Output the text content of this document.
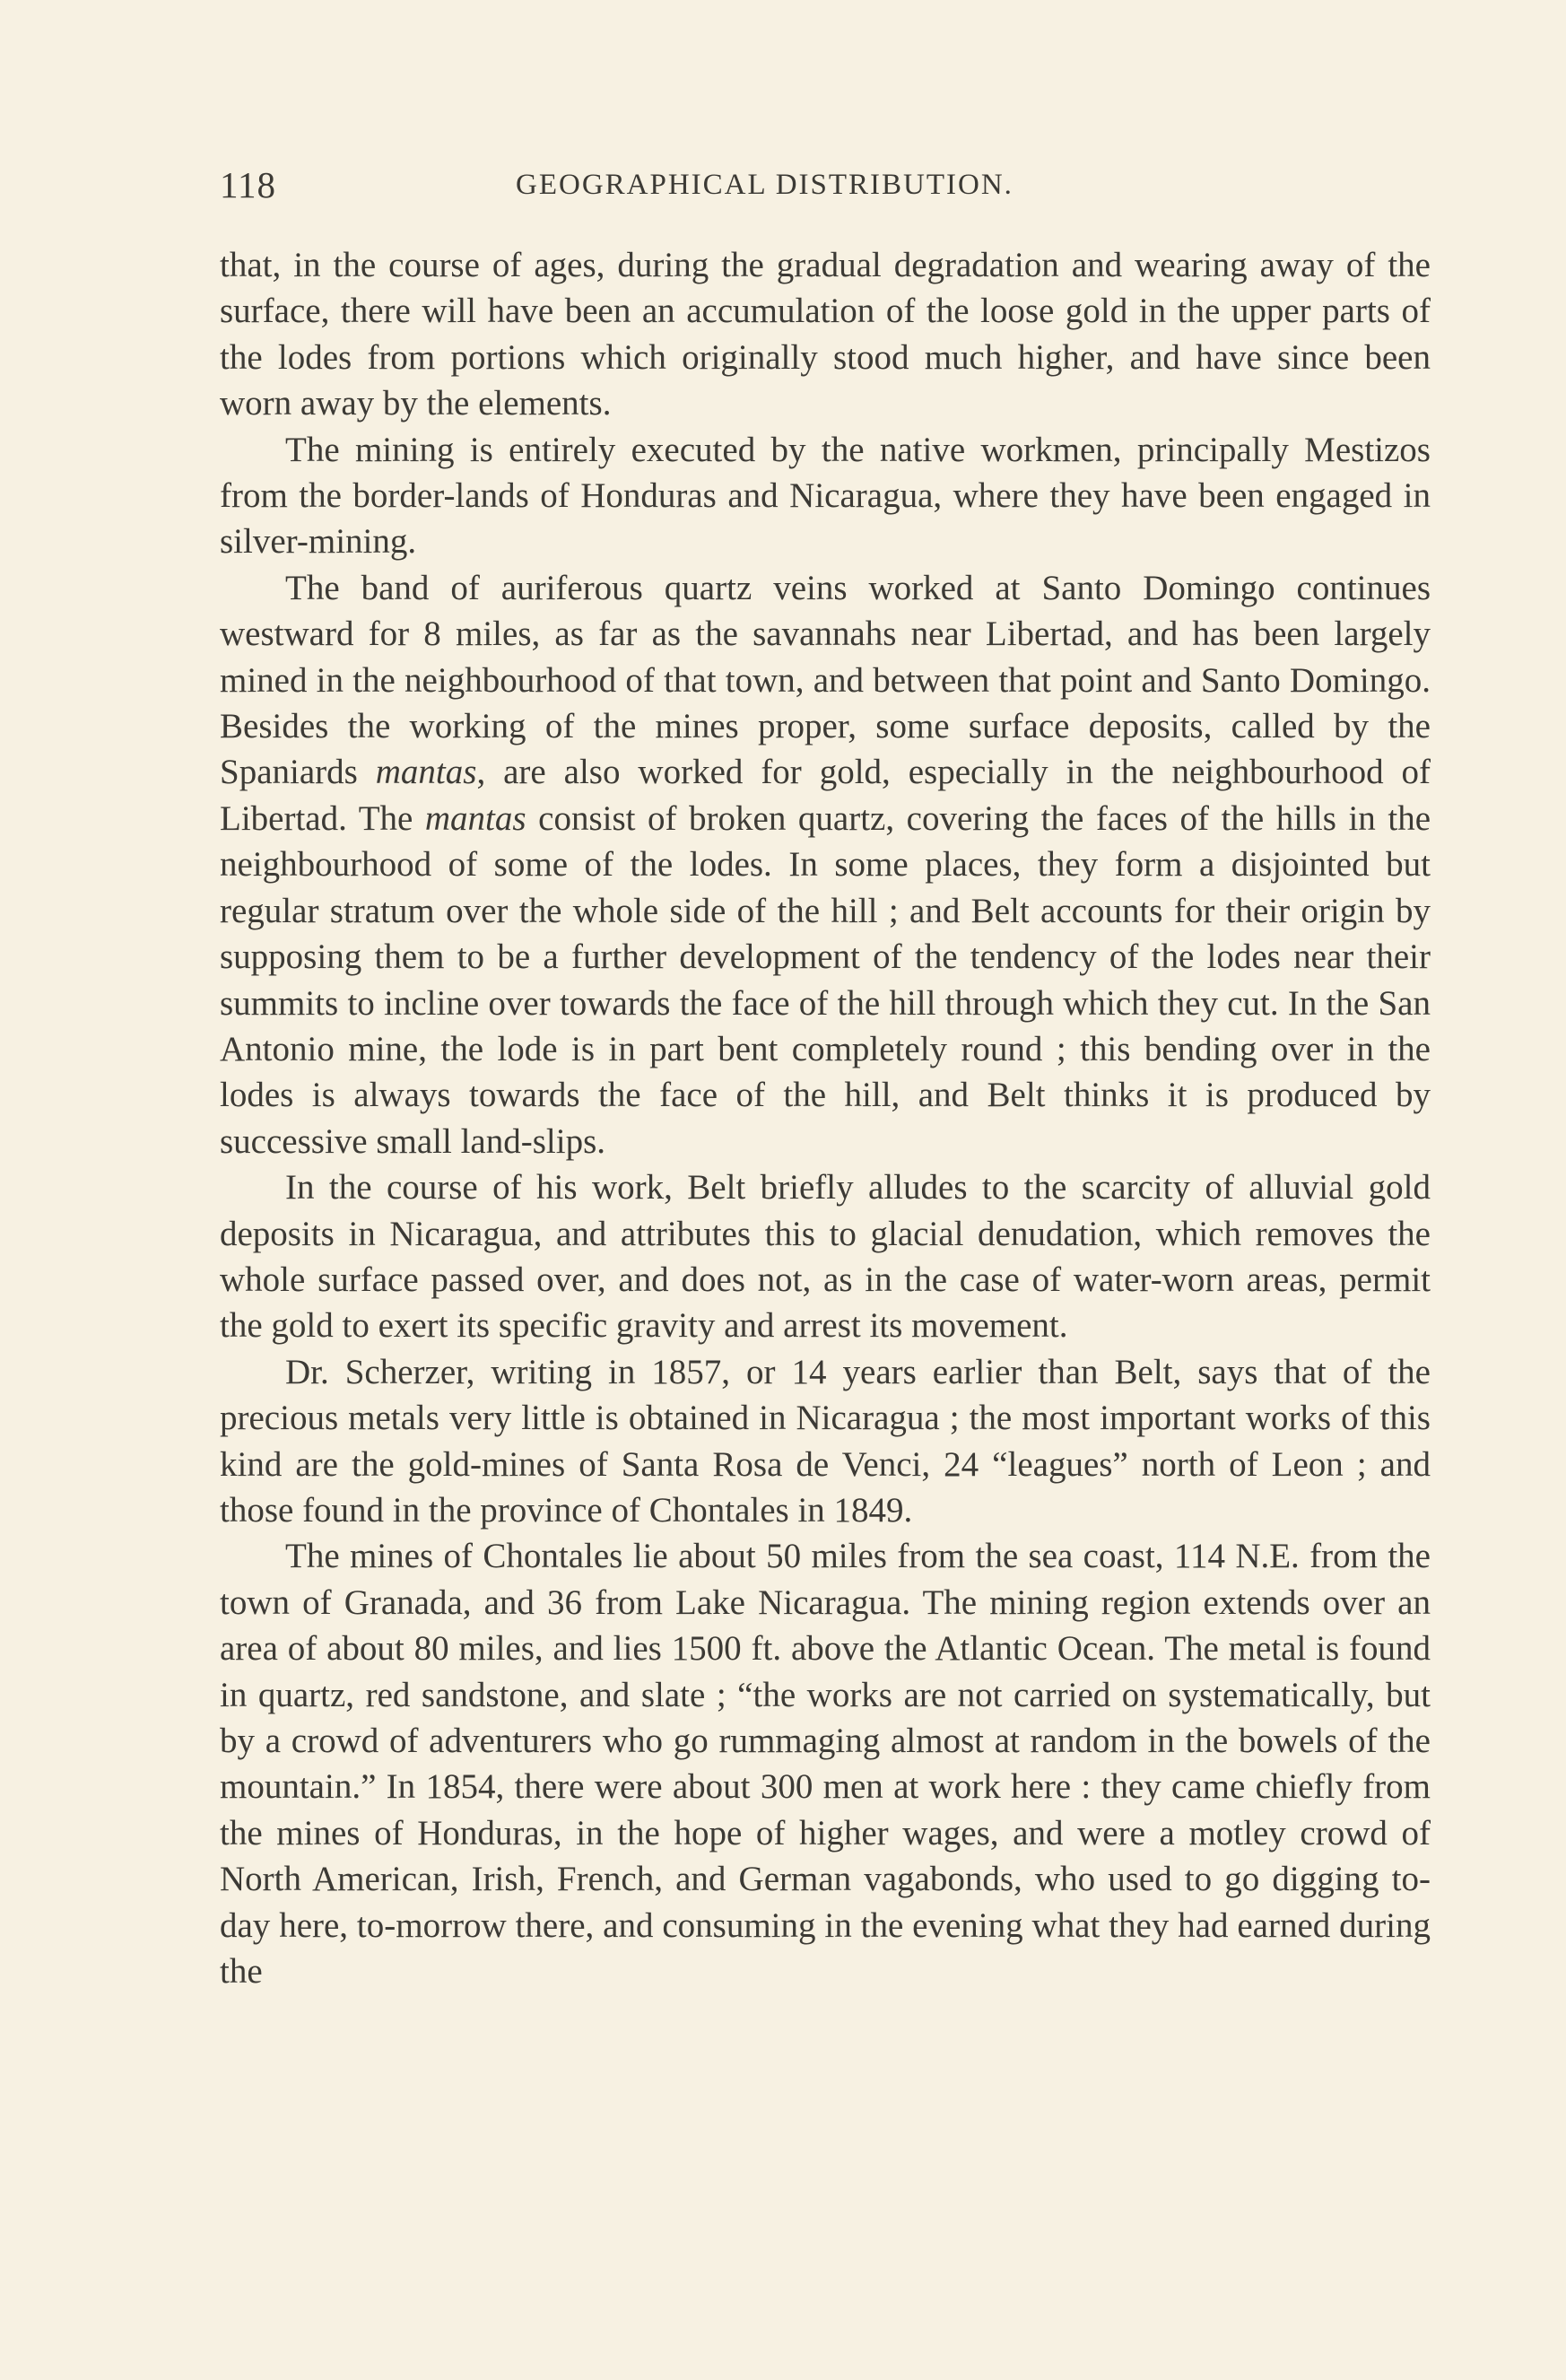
118	GEOGRAPHICAL DISTRIBUTION.

that, in the course of ages, during the gradual degradation and wearing away of the surface, there will have been an accumulation of the loose gold in the upper parts of the lodes from portions which originally stood much higher, and have since been worn away by the elements.

The mining is entirely executed by the native workmen, principally Mestizos from the border-lands of Honduras and Nicaragua, where they have been engaged in silver-mining.

The band of auriferous quartz veins worked at Santo Domingo continues westward for 8 miles, as far as the savannahs near Libertad, and has been largely mined in the neighbourhood of that town, and between that point and Santo Domingo. Besides the working of the mines proper, some surface deposits, called by the Spaniards mantas, are also worked for gold, especially in the neighbourhood of Libertad. The mantas consist of broken quartz, covering the faces of the hills in the neighbourhood of some of the lodes. In some places, they form a disjointed but regular stratum over the whole side of the hill ; and Belt accounts for their origin by supposing them to be a further development of the tendency of the lodes near their summits to incline over towards the face of the hill through which they cut. In the San Antonio mine, the lode is in part bent completely round ; this bending over in the lodes is always towards the face of the hill, and Belt thinks it is produced by successive small land-slips.

In the course of his work, Belt briefly alludes to the scarcity of alluvial gold deposits in Nicaragua, and attributes this to glacial denudation, which removes the whole surface passed over, and does not, as in the case of water-worn areas, permit the gold to exert its specific gravity and arrest its movement.

Dr. Scherzer, writing in 1857, or 14 years earlier than Belt, says that of the precious metals very little is obtained in Nicaragua ; the most important works of this kind are the gold-mines of Santa Rosa de Venci, 24 “leagues” north of Leon ; and those found in the province of Chontales in 1849.

The mines of Chontales lie about 50 miles from the sea coast, 114 N.E. from the town of Granada, and 36 from Lake Nicaragua. The mining region extends over an area of about 80 miles, and lies 1500 ft. above the Atlantic Ocean. The metal is found in quartz, red sandstone, and slate ; “the works are not carried on systematically, but by a crowd of adventurers who go rummaging almost at random in the bowels of the mountain.” In 1854, there were about 300 men at work here : they came chiefly from the mines of Honduras, in the hope of higher wages, and were a motley crowd of North American, Irish, French, and German vagabonds, who used to go digging to-day here, to-morrow there, and consuming in the evening what they had earned during the
